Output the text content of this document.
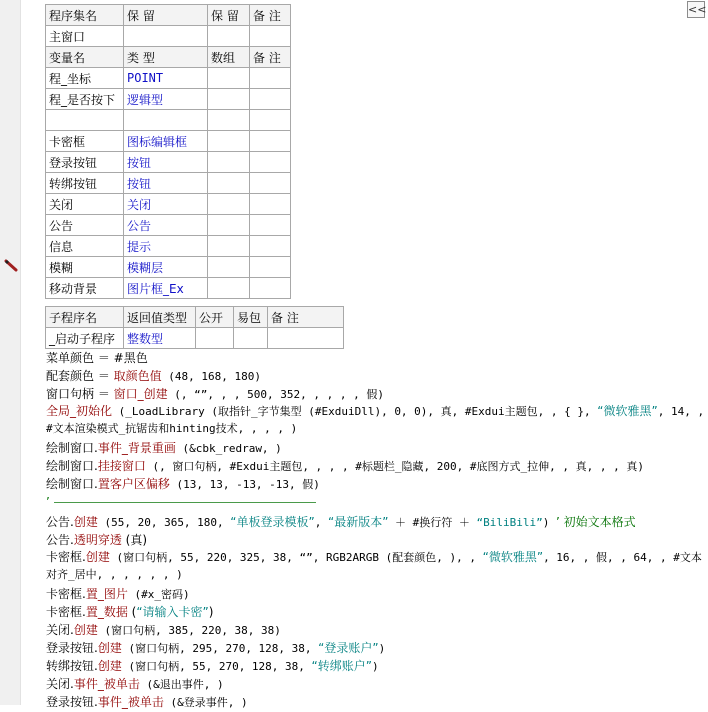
<<
程序集名	保 留	保 留	备 注
主窗口			
变量名	类 型	数组	备 注
程_坐标	POINT		
程_是否按下	逻辑型		

卡密框	图标编辑框		
登录按钮	按钮		
转绑按钮	按钮		
关闭	关闭		
公告	公告		
信息	提示		
模糊	模糊层		
移动背景	图片框_Ex		
子程序名	返回值类型	公开	易包	备 注
_启动子程序	整数型			
菜单颜色 ＝ #黑色
配套颜色 ＝ 取颜色值 (48, 168, 180)
窗口句柄 ＝ 窗口_创建 (, “”, , , 500, 352, , , , , 假)
全局_初始化 (_LoadLibrary (取指针_字节集型 (#ExduiDll), 0, 0), 真, #Exdui主题包, , { }, “微软雅黑”, 14, , #文本渲染模式_抗锯齿和hinting技术, , , , )
绘制窗口.事件_背景重画 (&cbk_redraw, )
绘制窗口.挂接窗口 (, 窗口句柄, #Exdui主题包, , , , #标题栏_隐藏, 200, #底图方式_拉伸, , 真, , , 真)
绘制窗口.置客户区偏移 (13, 13, -13, -13, 假)
’
公告.创建 (55, 20, 365, 180, “单板登录模板”, “最新版本” ＋ #换行符 ＋ “BiliBili”) ’ 初始文本格式
公告.透明穿透 (真)
卡密框.创建 (窗口句柄, 55, 220, 325, 38, “”, RGB2ARGB (配套颜色, ), , “微软雅黑”, 16, , 假, , 64, , #文本对齐_居中, , , , , , )
卡密框.置_图片 (#x_密码)
卡密框.置_数据 (“请输入卡密”)
关闭.创建 (窗口句柄, 385, 220, 38, 38)
登录按钮.创建 (窗口句柄, 295, 270, 128, 38, “登录账户”)
转绑按钮.创建 (窗口句柄, 55, 270, 128, 38, “转绑账户”)
关闭.事件_被单击 (&退出事件, )
登录按钮.事件_被单击 (&登录事件, )
